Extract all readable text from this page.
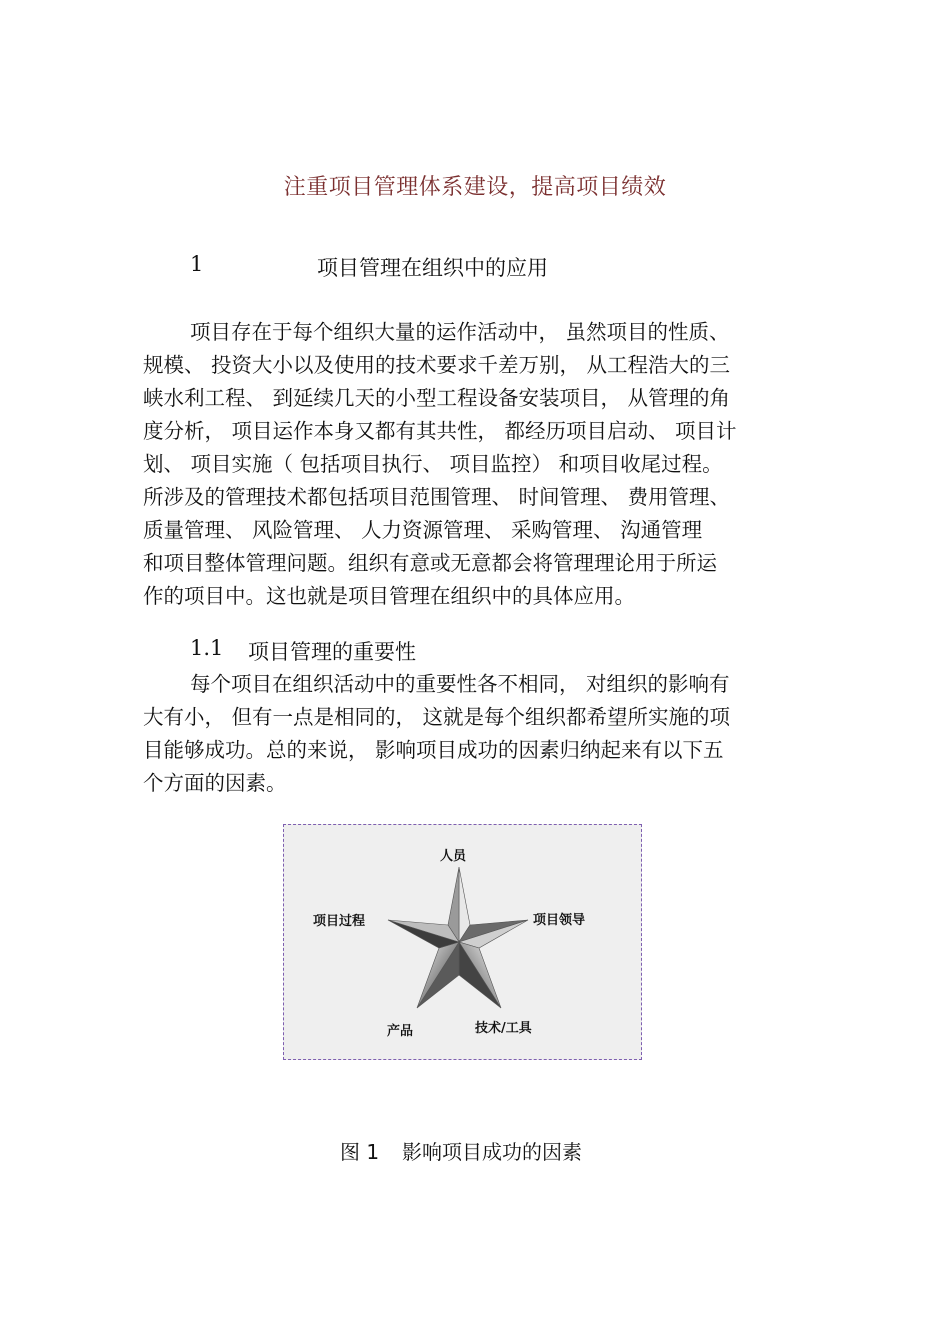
注重项目管理体系建设，提高项目绩效
1	项目管理在组织中的应用
项目存在于每个组织大量的运作活动中， 虽然项目的性质、
规模、 投资大小以及使用的技术要求千差万别， 从工程浩大的三
峡水利工程、 到延续几天的小型工程设备安装项目， 从管理的角
度分析， 项目运作本身又都有其共性， 都经历项目启动、 项目计
划、 项目实施（ 包括项目执行、 项目监控） 和项目收尾过程。
所涉及的管理技术都包括项目范围管理、 时间管理、 费用管理、
质量管理、 风险管理、 人力资源管理、 采购管理、 沟通管理
和项目整体管理问题。组织有意或无意都会将管理理论用于所运
作的项目中。这也就是项目管理在组织中的具体应用。
1.1	项目管理的重要性
每个项目在组织活动中的重要性各不相同， 对组织的影响有
大有小， 但有一点是相同的， 这就是每个组织都希望所实施的项
目能够成功。总的来说， 影响项目成功的因素归纳起来有以下五
个方面的因素。
人员
项目领导
技术/工具
产品
项目过程
图 1	影响项目成功的因素
